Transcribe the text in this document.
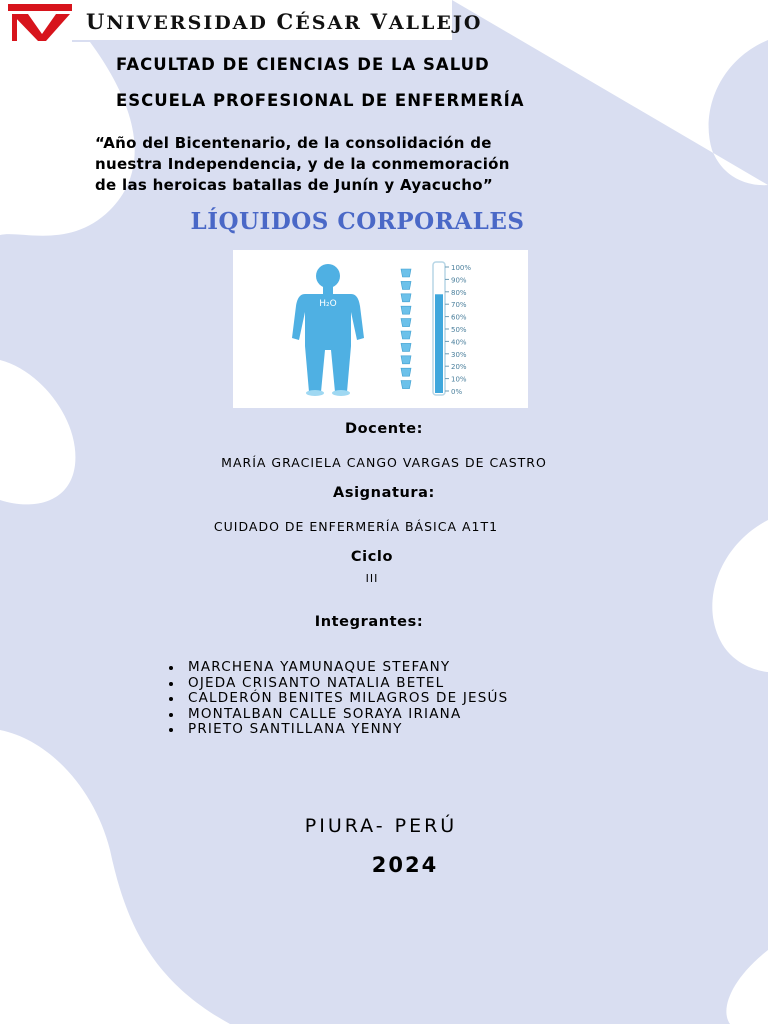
UNIVERSIDAD CÉSAR VALLEJO
FACULTAD DE CIENCIAS DE LA SALUD
ESCUELA PROFESIONAL DE ENFERMERÍA
“Año del Bicentenario, de la consolidación de
nuestra Independencia, y de la conmemoración
de las heroicas batallas de Junín y Ayacucho”
LÍQUIDOS CORPORALES
H₂O
100%
90%
80%
70%
60%
50%
40%
30%
20%
10%
0%
Docente:
MARÍA GRACIELA CANGO VARGAS DE CASTRO
Asignatura:
CUIDADO DE ENFERMERÍA BÁSICA A1T1
Ciclo
III
Integrantes:
MARCHENA YAMUNAQUE STEFANY
OJEDA CRISANTO NATALIA BETEL
CALDERÓN BENITES MILAGROS DE JESÚS
MONTALBAN CALLE SORAYA IRIANA
PRIETO SANTILLANA YENNY
PIURA- PERÚ
2024
